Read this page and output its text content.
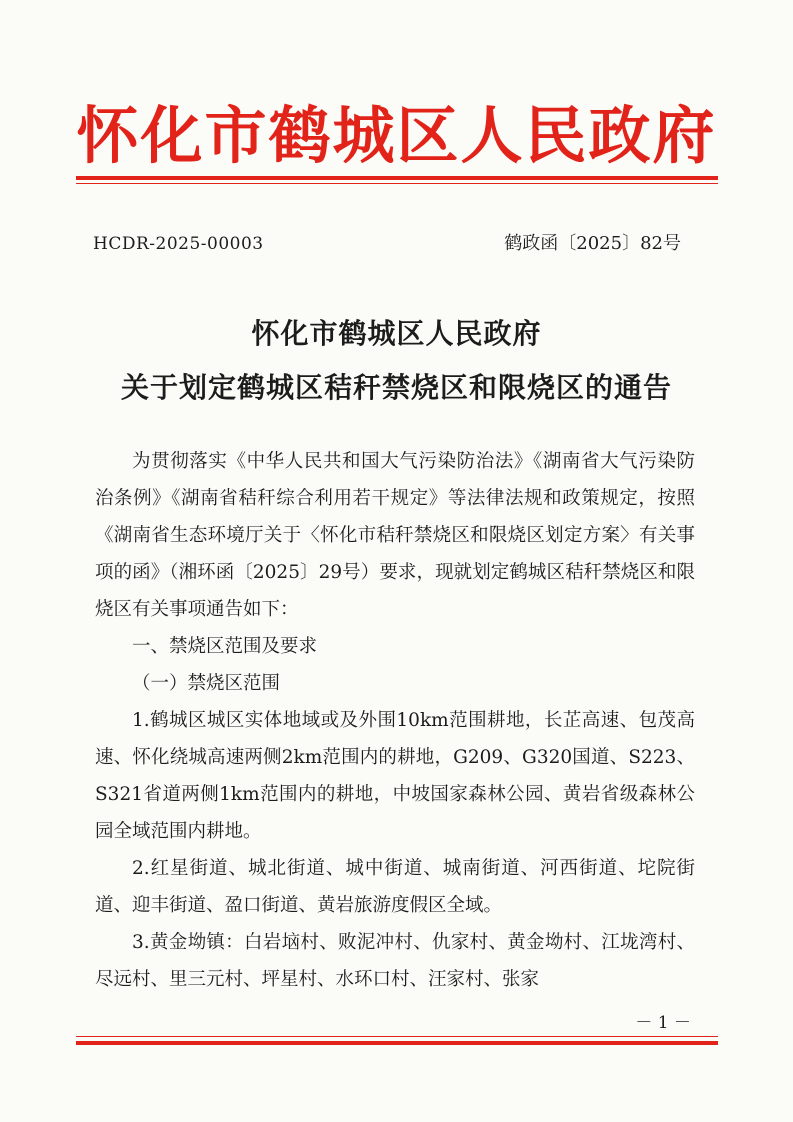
怀化市鹤城区人民政府
HCDR-2025-00003	鹤政函〔2025〕82号
怀化市鹤城区人民政府
关于划定鹤城区秸秆禁烧区和限烧区的通告

为贯彻落实《中华人民共和国大气污染防治法》《湖南省大气污染防治条例》《湖南省秸秆综合利用若干规定》等法律法规和政策规定，按照《湖南省生态环境厅关于〈怀化市秸秆禁烧区和限烧区划定方案〉有关事项的函》（湘环函〔2025〕29号）要求，现就划定鹤城区秸秆禁烧区和限烧区有关事项通告如下：

一、禁烧区范围及要求

（一）禁烧区范围

1.鹤城区城区实体地域或及外围10km范围耕地，长芷高速、包茂高速、怀化绕城高速两侧2km范围内的耕地，G209、G320国道、S223、S321省道两侧1km范围内的耕地，中坡国家森林公园、黄岩省级森林公园全域范围内耕地。

2.红星街道、城北街道、城中街道、城南街道、河西街道、坨院街道、迎丰街道、盈口街道、黄岩旅游度假区全域。

3.黄金坳镇：白岩垴村、败泥冲村、仇家村、黄金坳村、江垅湾村、尽远村、里三元村、坪星村、水环口村、汪家村、张家

－ 1 －
